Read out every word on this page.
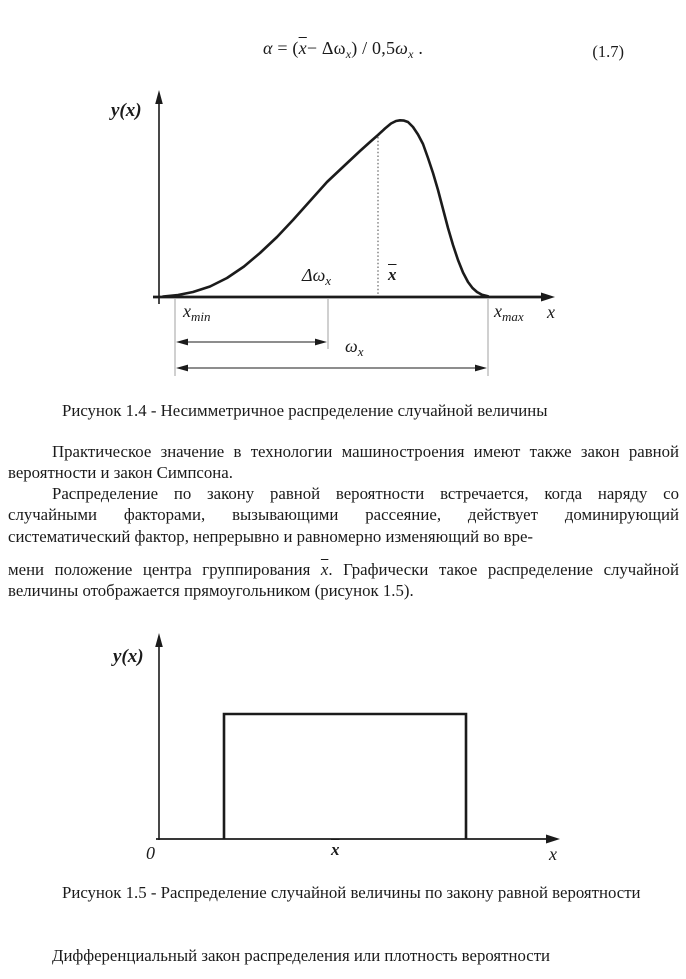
$\alpha = (\overline{x}- \Delta\omega_x) / 0,5\omega_x$ .	(1.7)
y(x)
$\Delta\omega_x$	$\overline{x}$
$x_{min}$	$x_{max}$ x
$\omega_x$
Рисунок 1.4 - Несимметричное распределение случайной величины
Практическое значение в технологии машиностроения имеют также закон равной вероятности и закон Симпсона.
Распределение по закону равной вероятности встречается, когда наряду со случайными факторами, вызывающими рассеяние, действует доминирующий систематический фактор, непрерывно и равномерно изменяющий во вре-
мени положение центра группирования $\overline{x}$. Графически такое распределение случайной величины отображается прямоугольником (рисунок 1.5).
y(x)
0	$\overline{x}$	x
Рисунок 1.5 - Распределение случайной величины по закону равной вероятности
Дифференциальный закон распределения или плотность вероятности
